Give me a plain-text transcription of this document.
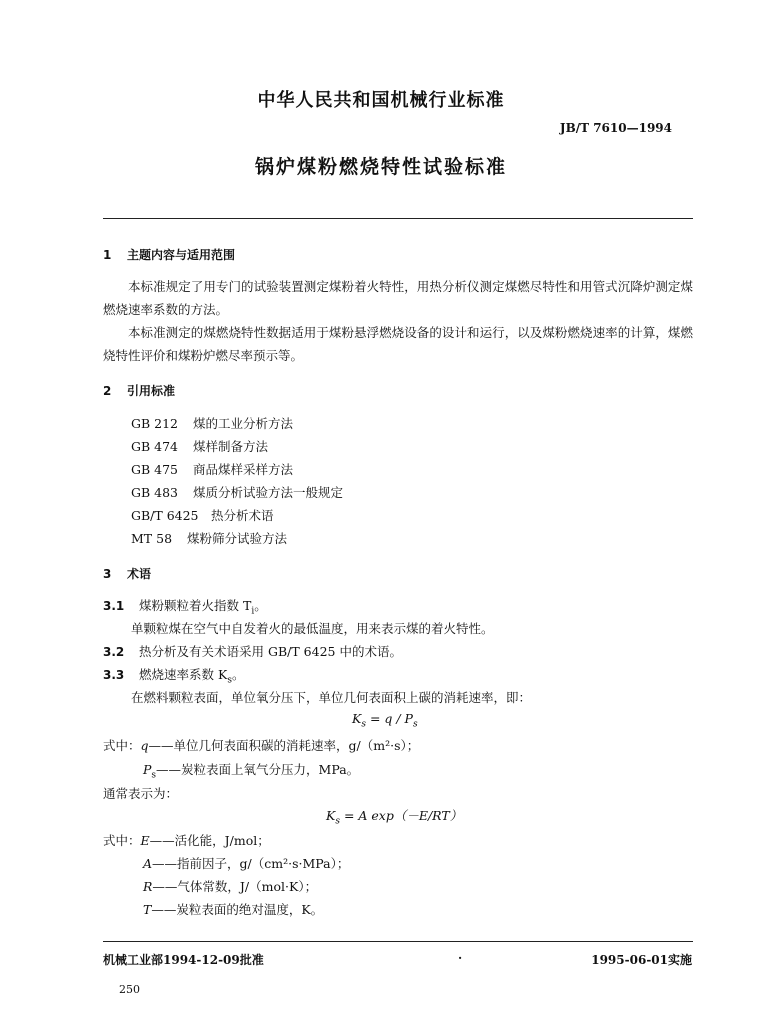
中华人民共和国机械行业标准
JB/T 7610—1994
锅炉煤粉燃烧特性试验标准
1 主题内容与适用范围
本标准规定了用专门的试验装置测定煤粉着火特性，用热分析仪测定煤燃尽特性和用管式沉降炉测定煤燃烧速率系数的方法。
本标准测定的煤燃烧特性数据适用于煤粉悬浮燃烧设备的设计和运行，以及煤粉燃烧速率的计算，煤燃烧特性评价和煤粉炉燃尽率预示等。
2 引用标准
GB 212 煤的工业分析方法
GB 474 煤样制备方法
GB 475 商品煤样采样方法
GB 483 煤质分析试验方法一般规定
GB/T 6425 热分析术语
MT 58 煤粉筛分试验方法
3 术语
3.1 煤粉颗粒着火指数 $T_i$。
单颗粒煤在空气中自发着火的最低温度，用来表示煤的着火特性。
3.2 热分析及有关术语采用 GB/T 6425 中的术语。
3.3 燃烧速率系数 $K_s$。
在燃料颗粒表面，单位氧分压下，单位几何表面积上碳的消耗速率，即：
$K_s = q / P_s$
式中：q——单位几何表面积碳的消耗速率，g/（m²·s）；
$P_s——$炭粒表面上氧气分压力，MPa。
通常表示为：
$K_s = A$ exp（－E/RT）
式中：E——活化能，J/mol；
A——指前因子，g/（cm²·s·MPa）；
R——气体常数，J/（mol·K）；
T——炭粒表面的绝对温度，K。
机械工业部1994-12-09批准	·	1995-06-01实施
250
